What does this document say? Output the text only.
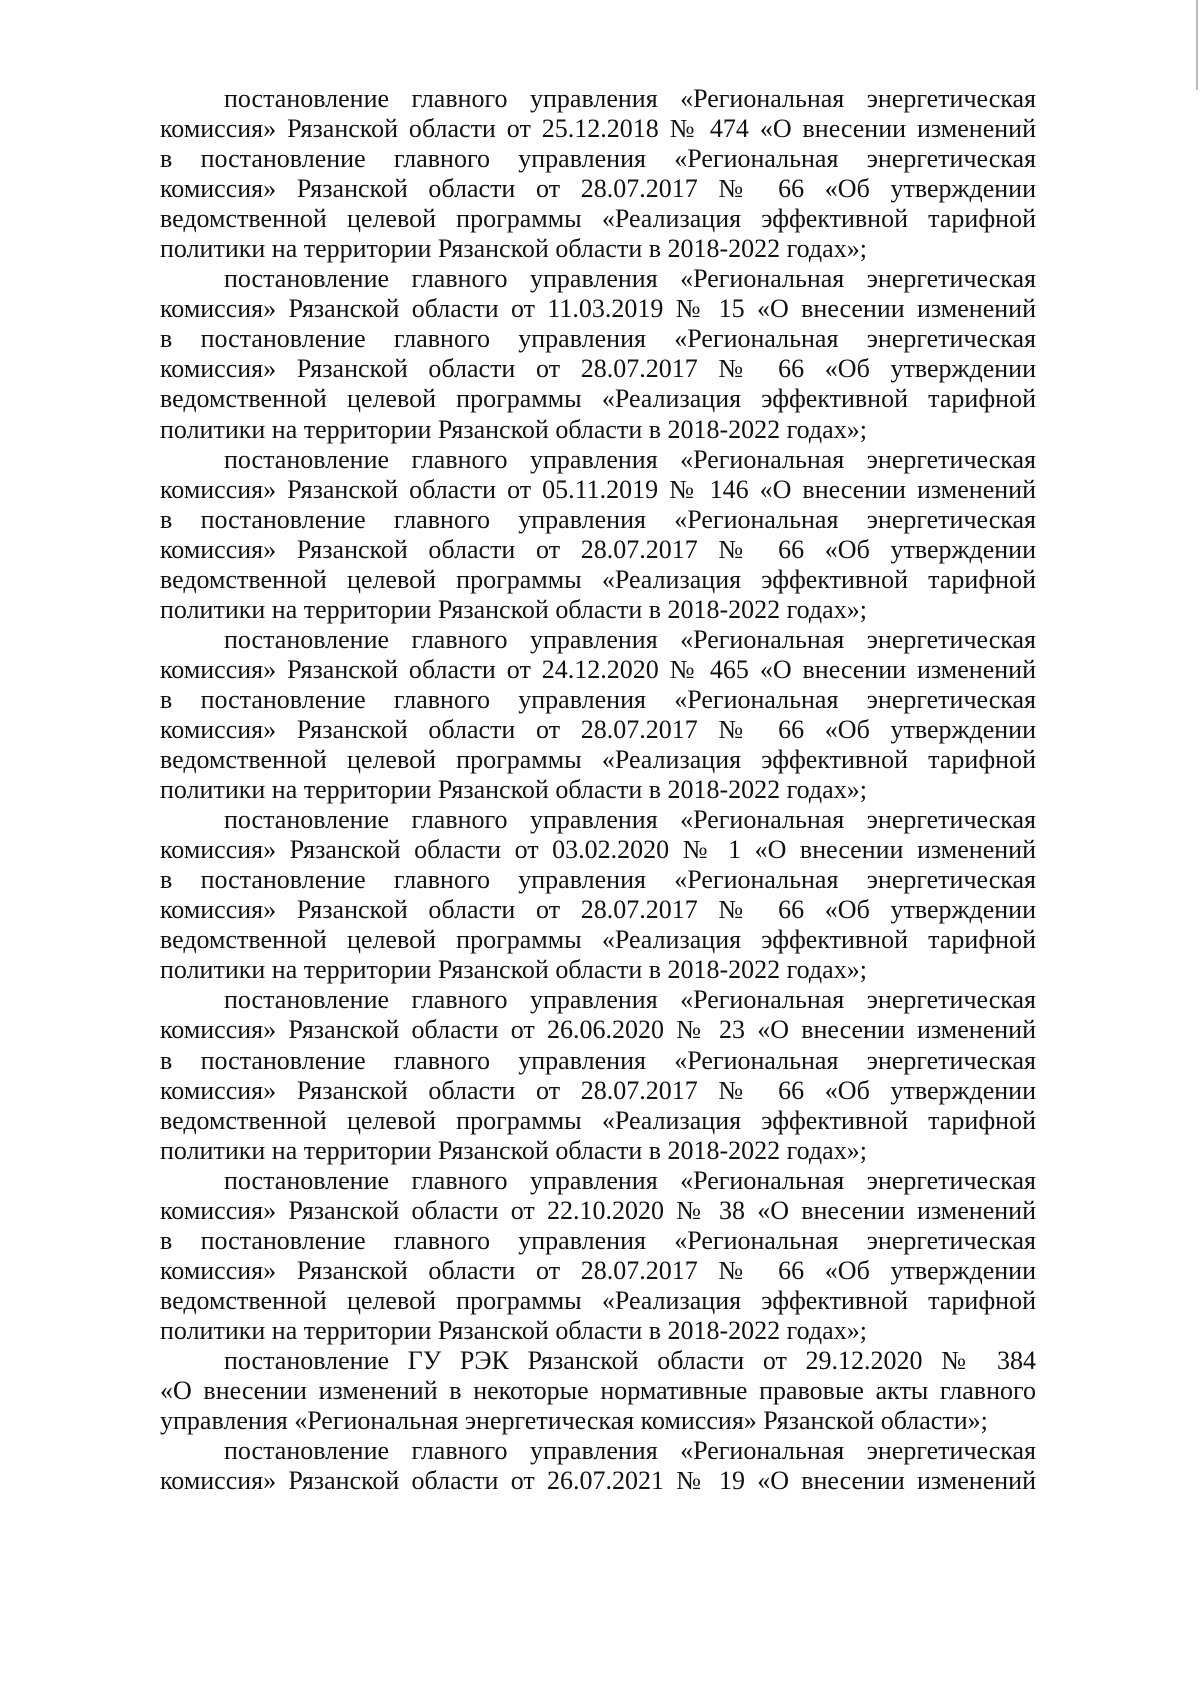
постановление главного управления «Региональная энергетическая
комиссия» Рязанской области от 25.12.2018 № 474 «О внесении изменений
в постановление главного управления «Региональная энергетическая
комиссия» Рязанской области от 28.07.2017 № 66 «Об утверждении
ведомственной целевой программы «Реализация эффективной тарифной
политики на территории Рязанской области в 2018-2022 годах»;
постановление главного управления «Региональная энергетическая
комиссия» Рязанской области от 11.03.2019 № 15 «О внесении изменений
в постановление главного управления «Региональная энергетическая
комиссия» Рязанской области от 28.07.2017 № 66 «Об утверждении
ведомственной целевой программы «Реализация эффективной тарифной
политики на территории Рязанской области в 2018-2022 годах»;
постановление главного управления «Региональная энергетическая
комиссия» Рязанской области от 05.11.2019 № 146 «О внесении изменений
в постановление главного управления «Региональная энергетическая
комиссия» Рязанской области от 28.07.2017 № 66 «Об утверждении
ведомственной целевой программы «Реализация эффективной тарифной
политики на территории Рязанской области в 2018-2022 годах»;
постановление главного управления «Региональная энергетическая
комиссия» Рязанской области от 24.12.2020 № 465 «О внесении изменений
в постановление главного управления «Региональная энергетическая
комиссия» Рязанской области от 28.07.2017 № 66 «Об утверждении
ведомственной целевой программы «Реализация эффективной тарифной
политики на территории Рязанской области в 2018-2022 годах»;
постановление главного управления «Региональная энергетическая
комиссия» Рязанской области от 03.02.2020 № 1 «О внесении изменений
в постановление главного управления «Региональная энергетическая
комиссия» Рязанской области от 28.07.2017 № 66 «Об утверждении
ведомственной целевой программы «Реализация эффективной тарифной
политики на территории Рязанской области в 2018-2022 годах»;
постановление главного управления «Региональная энергетическая
комиссия» Рязанской области от 26.06.2020 № 23 «О внесении изменений
в постановление главного управления «Региональная энергетическая
комиссия» Рязанской области от 28.07.2017 № 66 «Об утверждении
ведомственной целевой программы «Реализация эффективной тарифной
политики на территории Рязанской области в 2018-2022 годах»;
постановление главного управления «Региональная энергетическая
комиссия» Рязанской области от 22.10.2020 № 38 «О внесении изменений
в постановление главного управления «Региональная энергетическая
комиссия» Рязанской области от 28.07.2017 № 66 «Об утверждении
ведомственной целевой программы «Реализация эффективной тарифной
политики на территории Рязанской области в 2018-2022 годах»;
постановление ГУ РЭК Рязанской области от 29.12.2020 № 384
«О внесении изменений в некоторые нормативные правовые акты главного
управления «Региональная энергетическая комиссия» Рязанской области»;
постановление главного управления «Региональная энергетическая
комиссия» Рязанской области от 26.07.2021 № 19 «О внесении изменений
